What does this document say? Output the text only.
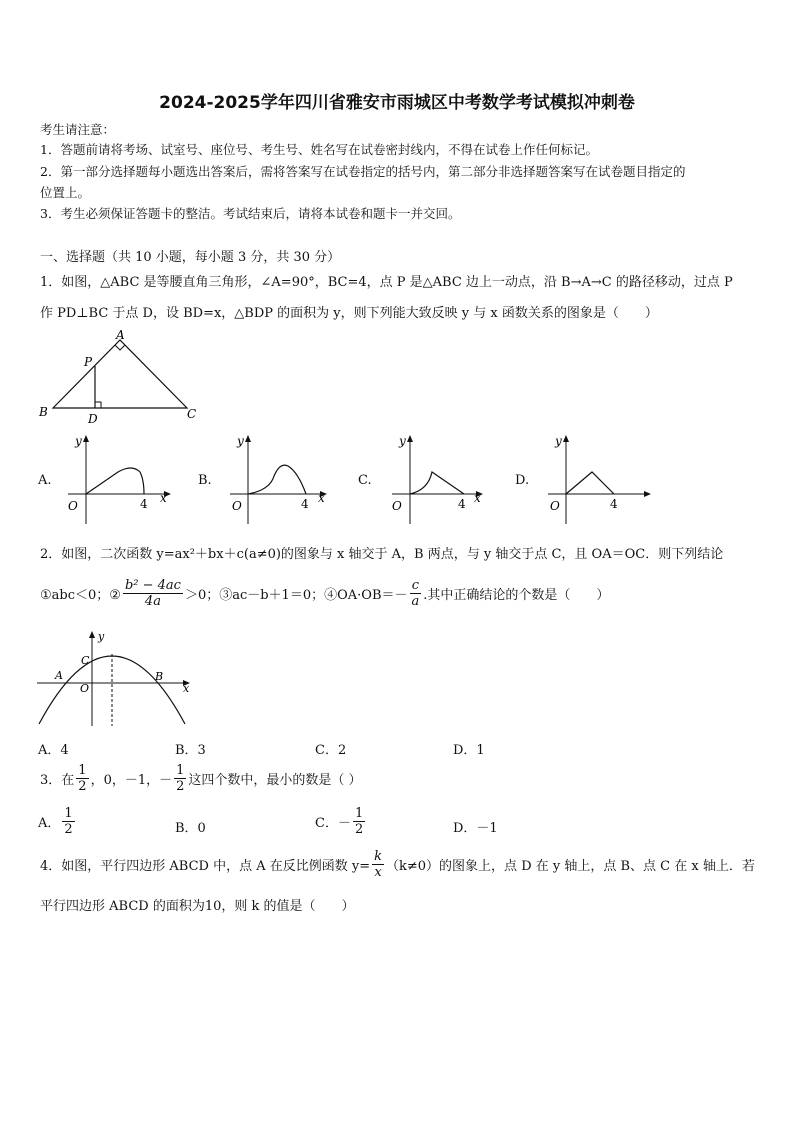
2024-2025学年四川省雅安市雨城区中考数学考试模拟冲刺卷
考生请注意：
1．答题前请将考场、试室号、座位号、考生号、姓名写在试卷密封线内，不得在试卷上作任何标记。
2．第一部分选择题每小题选出答案后，需将答案写在试卷指定的括号内，第二部分非选择题答案写在试卷题目指定的
位置上。
3．考生必须保证答题卡的整洁。考试结束后，请将本试卷和题卡一并交回。
一、选择题（共 10 小题，每小题 3 分，共 30 分）
1．如图，△ABC 是等腰直角三角形，∠A=90°，BC=4，点 P 是△ABC 边上一动点，沿 B→A→C 的路径移动，过点 P
作 PD⊥BC 于点 D，设 BD=x，△BDP 的面积为 y，则下列能大致反映 y 与 x 函数关系的图象是（　　）
A
P
B	D	C
A.
y
x
O	4
B.
y
x
O	4
C.
y
x
O	4
D.
y
O	4
2．如图，二次函数 y=ax²＋bx＋c(a≠0)的图象与 x 轴交于 A，B 两点，与 y 轴交于点 C，且 OA＝OC．则下列结论
①abc＜0；② $\frac{\text{b² − 4ac}}{4a} >0$；③ac－b＋1＝0；④OA·OB＝－ $\frac{c}{a}$ .其中正确结论的个数是（　　）
y
x
C
A
O
B
A．4	B．3	C．2	D．1
3．在 $\frac{1}{2}$ ，0，－1，－ $\frac{1}{2}$ 这四个数中，最小的数是（ ）
A． $\frac{1}{2}$	B．0	C．－ $\frac{1}{2}$	D．－1
4．如图，平行四边形 ABCD 中，点 A 在反比例函数 $y= \frac{k}{x} (k\ne 0)$的图象上，点 D 在 y 轴上，点 B、点 C 在 x 轴上．若
平行四边形 ABCD 的面积为10，则 k 的值是（　　）
